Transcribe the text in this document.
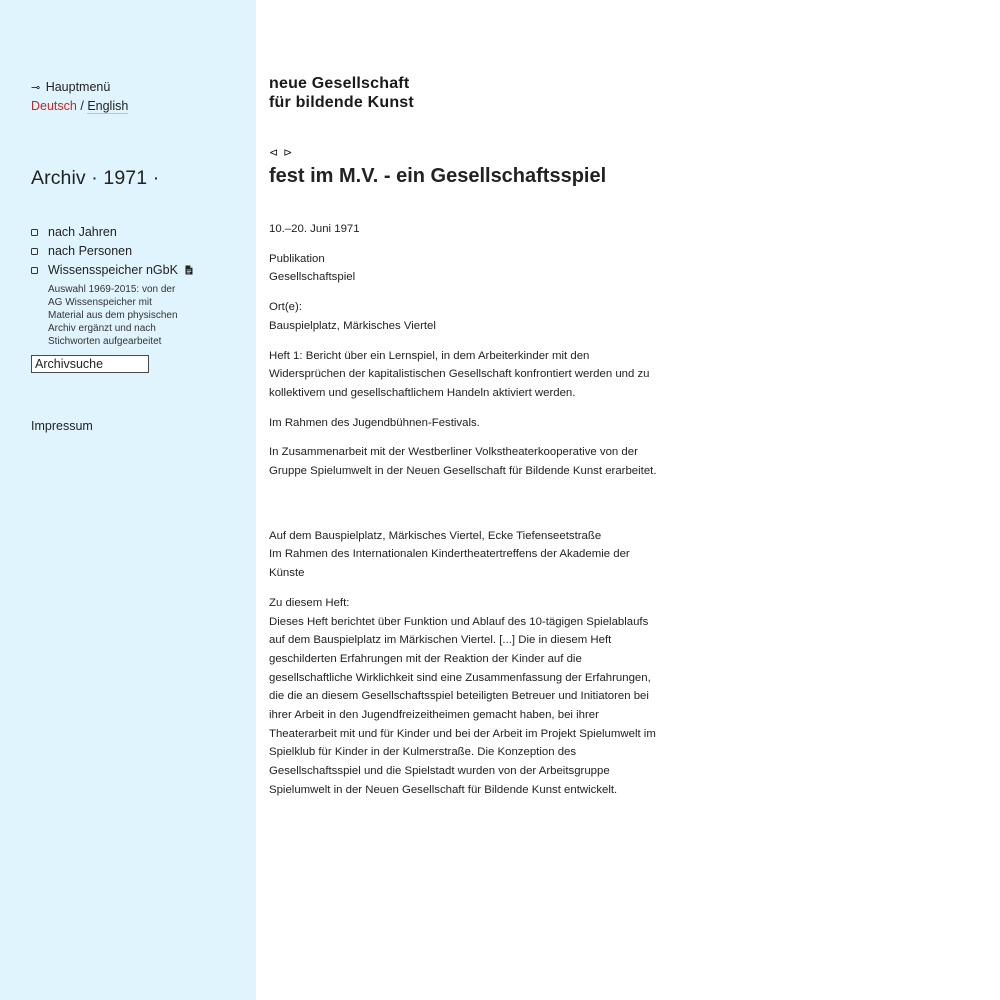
⊸ Hauptmenü
Deutsch / English
Archiv · 1971 ·
nach Jahren
nach Personen
Wissensspeicher nGbK
Auswahl 1969-2015: von der AG Wissenspeicher mit Material aus dem physischen Archiv ergänzt und nach Stichworten aufgearbeitet
Archivsuche
Impressum
neue Gesellschaft
für bildende Kunst
⊲ ⊳
fest im M.V. - ein Gesellschaftsspiel

10.–20. Juni 1971

Publikation
Gesellschaftspiel

Ort(e):
Bauspielplatz, Märkisches Viertel

Heft 1: Bericht über ein Lernspiel, in dem Arbeiterkinder mit den Widersprüchen der kapitalistischen Gesellschaft konfrontiert werden und zu kollektivem und gesellschaftlichem Handeln aktiviert werden.

Im Rahmen des Jugendbühnen-Festivals.

In Zusammenarbeit mit der Westberliner Volkstheaterkooperative von der Gruppe Spielumwelt in der Neuen Gesellschaft für Bildende Kunst erarbeitet.

Auf dem Bauspielplatz, Märkisches Viertel, Ecke Tiefenseetstraße
Im Rahmen des Internationalen Kindertheatertreffens der Akademie der Künste

Zu diesem Heft:
Dieses Heft berichtet über Funktion und Ablauf des 10-tägigen Spielablaufs auf dem Bauspielplatz im Märkischen Viertel. [...] Die in diesem Heft geschilderten Erfahrungen mit der Reaktion der Kinder auf die gesellschaftliche Wirklichkeit sind eine Zusammenfassung der Erfahrungen, die die an diesem Gesellschaftsspiel beteiligten Betreuer und Initiatoren bei ihrer Arbeit in den Jugendfreizeitheimen gemacht haben, bei ihrer Theaterarbeit mit und für Kinder und bei der Arbeit im Projekt Spielumwelt im Spielklub für Kinder in der Kulmerstraße. Die Konzeption des Gesellschaftsspiel und die Spielstadt wurden von der Arbeitsgruppe Spielumwelt in der Neuen Gesellschaft für Bildende Kunst entwickelt.
